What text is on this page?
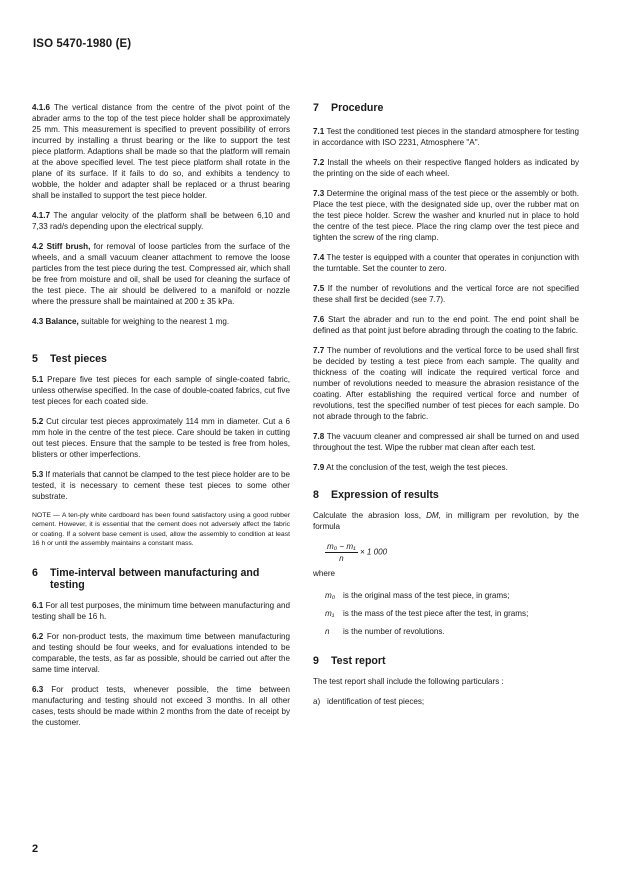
ISO 5470-1980 (E)

4.1.6 The vertical distance from the centre of the pivot point of the abrader arms to the top of the test piece holder shall be approximately 25 mm. This measurement is specified to prevent possibility of errors incurred by installing a thrust bearing or the like to support the test piece platform. Adaptions shall be made so that the platform will remain at the above specified level. The test piece platform shall rotate in the plane of its surface. If it fails to do so, and exhibits a tendency to wobble, the holder and adapter shall be replaced or a thrust bearing shall be installed to support the test piece holder.

4.1.7 The angular velocity of the platform shall be between 6,10 and 7,33 rad/s depending upon the electrical supply.

4.2 Stiff brush, for removal of loose particles from the surface of the wheels, and a small vacuum cleaner attachment to remove the loose particles from the test piece during the test. Compressed air, which shall be free from moisture and oil, shall be used for cleaning the surface of the test piece. The air should be delivered to a manifold or nozzle where the pressure shall be maintained at 200 ± 35 kPa.

4.3 Balance, suitable for weighing to the nearest 1 mg.

5 Test pieces

5.1 Prepare five test pieces for each sample of single-coated fabric, unless otherwise specified. In the case of double-coated fabrics, cut five test pieces for each coated side.

5.2 Cut circular test pieces approximately 114 mm in diameter. Cut a 6 mm hole in the centre of the test piece. Care should be taken in cutting out test pieces. Ensure that the sample to be tested is free from holes, blisters or other imperfections.

5.3 If materials that cannot be clamped to the test piece holder are to be tested, it is necessary to cement these test pieces to some other substrate.

NOTE — A ten-ply white cardboard has been found satisfactory using a good rubber cement. However, it is essential that the cement does not adversely affect the fabric or coating. If a solvent base cement is used, allow the assembly to condition at least 16 h or until the assembly maintains a constant mass.

6	Time-interval between manufacturing and testing

6.1 For all test purposes, the minimum time between manufacturing and testing shall be 16 h.

6.2 For non-product tests, the maximum time between manufacturing and testing should be four weeks, and for evaluations intended to be comparable, the tests, as far as possible, should be carried out after the same time interval.

6.3 For product tests, whenever possible, the time between manufacturing and testing should not exceed 3 months. In all other cases, tests should be made within 2 months from the date of receipt by the customer.

7 Procedure

7.1 Test the conditioned test pieces in the standard atmosphere for testing in accordance with ISO 2231, Atmosphere "A".

7.2 Install the wheels on their respective flanged holders as indicated by the printing on the side of each wheel.

7.3 Determine the original mass of the test piece or the assembly or both. Place the test piece, with the designated side up, over the rubber mat on the test piece holder. Screw the washer and knurled nut in place to hold the centre of the test piece. Place the ring clamp over the test piece and tighten the screw of the ring clamp.

7.4 The tester is equipped with a counter that operates in conjunction with the turntable. Set the counter to zero.

7.5 If the number of revolutions and the vertical force are not specified these shall first be decided (see 7.7).

7.6 Start the abrader and run to the end point. The end point shall be defined as that point just before abrading through the coating to the fabric.

7.7 The number of revolutions and the vertical force to be used shall first be decided by testing a test piece from each sample. The quality and thickness of the coating will indicate the required vertical force and number of revolutions needed to measure the abrasion resistance of the coating. After establishing the required vertical force and number of revolutions, test the specified number of test pieces for each sample. Do not abrade through to the fabric.

7.8 The vacuum cleaner and compressed air shall be turned on and used throughout the test. Wipe the rubber mat clean after each test.

7.9 At the conclusion of the test, weigh the test pieces.

8 Expression of results

Calculate the abrasion loss, DM, in milligram per revolution, by the formula

$\frac{\text{m₀ − m₁}}{n} \times 1$ 000

where

m₀ is the original mass of the test piece, in grams;
m₁ is the mass of the test piece after the test, in grams;
n is the number of revolutions.
9 Test report

The test report shall include the following particulars :

a) identification of test pieces;
2
